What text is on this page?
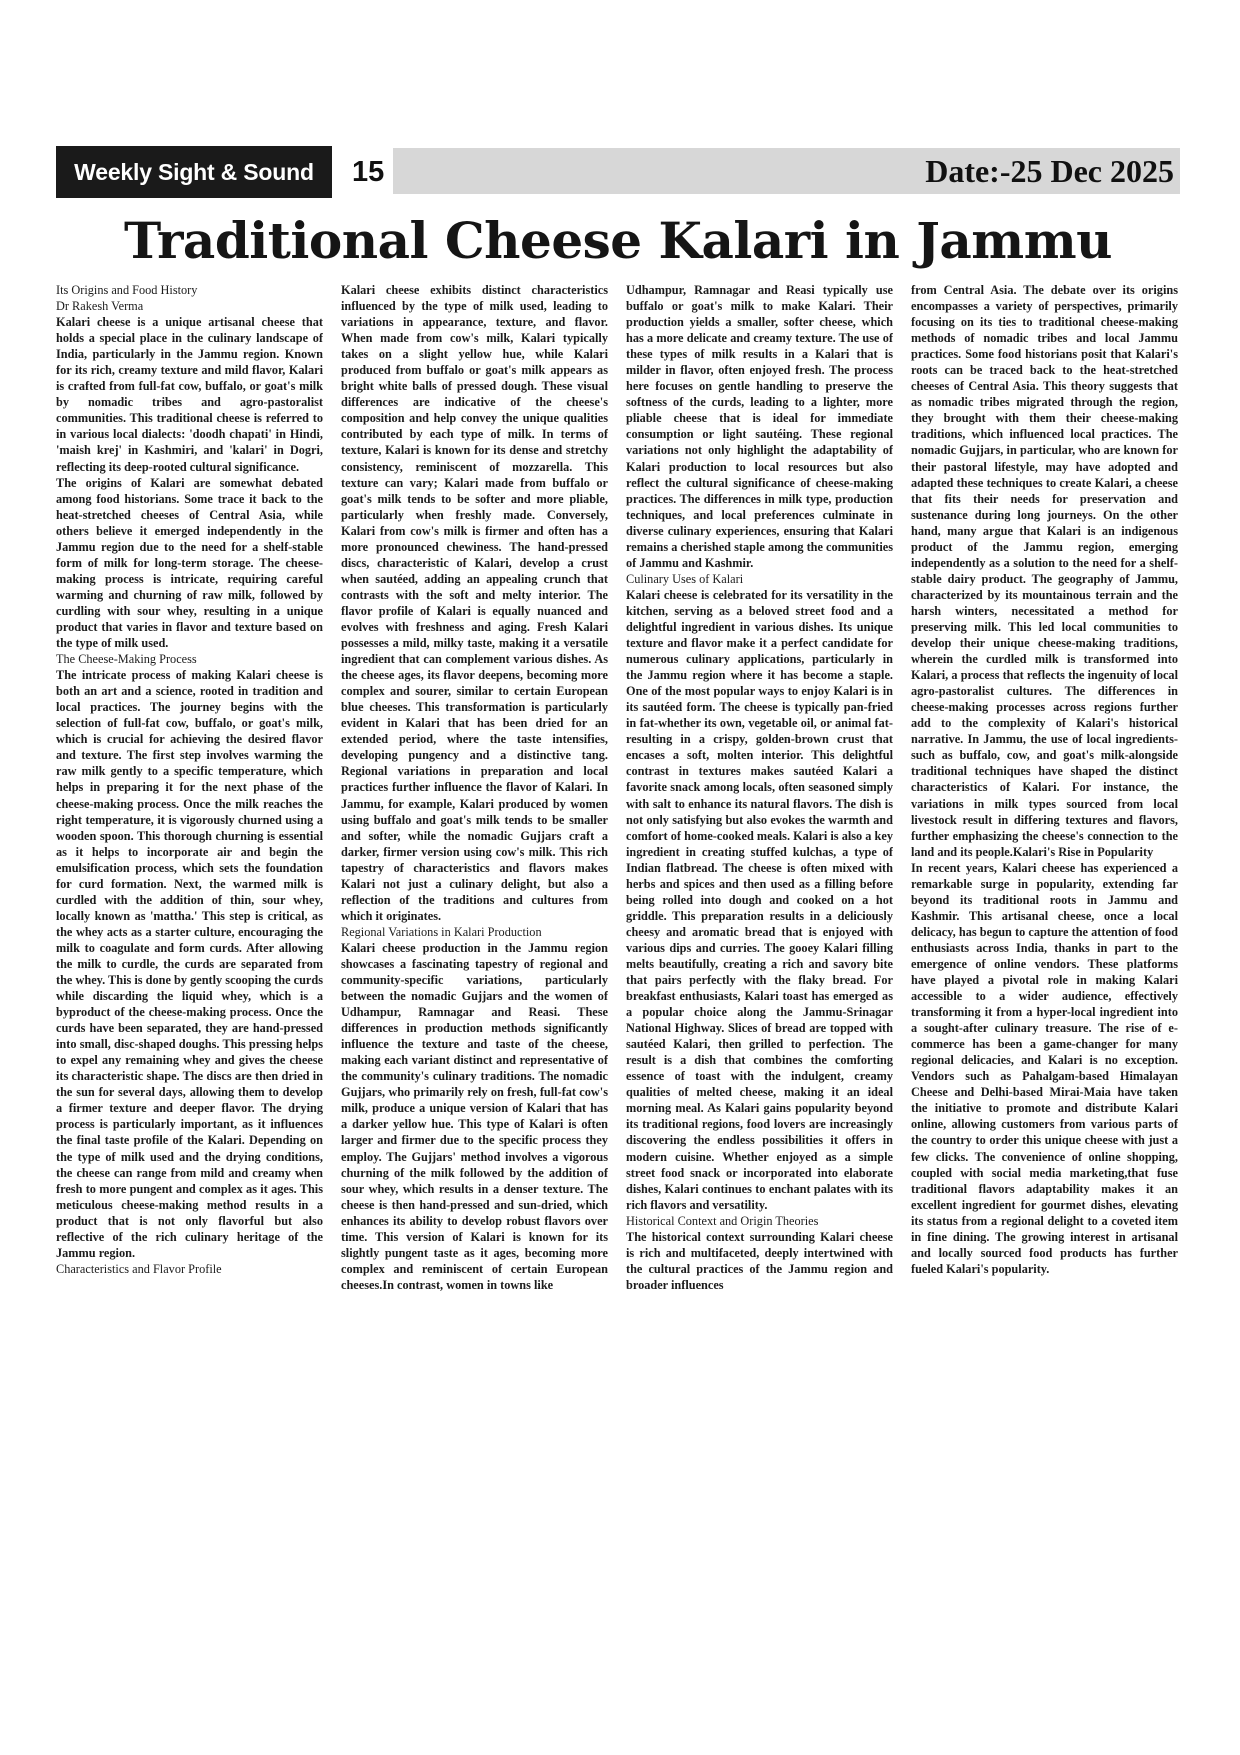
Weekly Sight & Sound	15	Date:-25 Dec 2025
Traditional Cheese Kalari in Jammu

Its Origins and Food History

Dr Rakesh Verma

Kalari cheese is a unique artisanal cheese that holds a special place in the culinary landscape of India, particularly in the Jammu region. Known for its rich, creamy texture and mild flavor, Kalari is crafted from full-fat cow, buffalo, or goat's milk by nomadic tribes and agro-pastoralist communities. This traditional cheese is referred to in various local dialects: 'doodh chapati' in Hindi, 'maish krej' in Kashmiri, and 'kalari' in Dogri, reflecting its deep-rooted cultural significance.

The origins of Kalari are somewhat debated among food historians. Some trace it back to the heat-stretched cheeses of Central Asia, while others believe it emerged independently in the Jammu region due to the need for a shelf-stable form of milk for long-term storage. The cheese-making process is intricate, requiring careful warming and churning of raw milk, followed by curdling with sour whey, resulting in a unique product that varies in flavor and texture based on the type of milk used.

The Cheese-Making Process

The intricate process of making Kalari cheese is both an art and a science, rooted in tradition and local practices. The journey begins with the selection of full-fat cow, buffalo, or goat's milk, which is crucial for achieving the desired flavor and texture. The first step involves warming the raw milk gently to a specific temperature, which helps in preparing it for the next phase of the cheese-making process. Once the milk reaches the right temperature, it is vigorously churned using a wooden spoon. This thorough churning is essential as it helps to incorporate air and begin the emulsification process, which sets the foundation for curd formation. Next, the warmed milk is curdled with the addition of thin, sour whey, locally known as 'mattha.' This step is critical, as the whey acts as a starter culture, encouraging the milk to coagulate and form curds. After allowing the milk to curdle, the curds are separated from the whey. This is done by gently scooping the curds while discarding the liquid whey, which is a byproduct of the cheese-making process. Once the curds have been separated, they are hand-pressed into small, disc-shaped doughs. This pressing helps to expel any remaining whey and gives the cheese its characteristic shape. The discs are then dried in the sun for several days, allowing them to develop a firmer texture and deeper flavor. The drying process is particularly important, as it influences the final taste profile of the Kalari. Depending on the type of milk used and the drying conditions, the cheese can range from mild and creamy when fresh to more pungent and complex as it ages. This meticulous cheese-making method results in a product that is not only flavorful but also reflective of the rich culinary heritage of the Jammu region.

Characteristics and Flavor Profile

Kalari cheese exhibits distinct characteristics influenced by the type of milk used, leading to variations in appearance, texture, and flavor. When made from cow's milk, Kalari typically takes on a slight yellow hue, while Kalari produced from buffalo or goat's milk appears as bright white balls of pressed dough. These visual differences are indicative of the cheese's composition and help convey the unique qualities contributed by each type of milk. In terms of texture, Kalari is known for its dense and stretchy consistency, reminiscent of mozzarella. This texture can vary; Kalari made from buffalo or goat's milk tends to be softer and more pliable, particularly when freshly made. Conversely, Kalari from cow's milk is firmer and often has a more pronounced chewiness. The hand-pressed discs, characteristic of Kalari, develop a crust when sautéed, adding an appealing crunch that contrasts with the soft and melty interior. The flavor profile of Kalari is equally nuanced and evolves with freshness and aging. Fresh Kalari possesses a mild, milky taste, making it a versatile ingredient that can complement various dishes. As the cheese ages, its flavor deepens, becoming more complex and sourer, similar to certain European blue cheeses. This transformation is particularly evident in Kalari that has been dried for an extended period, where the taste intensifies, developing pungency and a distinctive tang. Regional variations in preparation and local practices further influence the flavor of Kalari. In Jammu, for example, Kalari produced by women using buffalo and goat's milk tends to be smaller and softer, while the nomadic Gujjars craft a darker, firmer version using cow's milk. This rich tapestry of characteristics and flavors makes Kalari not just a culinary delight, but also a reflection of the traditions and cultures from which it originates.

Regional Variations in Kalari Production

Kalari cheese production in the Jammu region showcases a fascinating tapestry of regional and community-specific variations, particularly between the nomadic Gujjars and the women of Udhampur, Ramnagar and Reasi. These differences in production methods significantly influence the texture and taste of the cheese, making each variant distinct and representative of the community's culinary traditions. The nomadic Gujjars, who primarily rely on fresh, full-fat cow's milk, produce a unique version of Kalari that has a darker yellow hue. This type of Kalari is often larger and firmer due to the specific process they employ. The Gujjars' method involves a vigorous churning of the milk followed by the addition of sour whey, which results in a denser texture. The cheese is then hand-pressed and sun-dried, which enhances its ability to develop robust flavors over time. This version of Kalari is known for its slightly pungent taste as it ages, becoming more complex and reminiscent of certain European cheeses.In contrast, women in towns like

Udhampur, Ramnagar and Reasi typically use buffalo or goat's milk to make Kalari. Their production yields a smaller, softer cheese, which has a more delicate and creamy texture. The use of these types of milk results in a Kalari that is milder in flavor, often enjoyed fresh. The process here focuses on gentle handling to preserve the softness of the curds, leading to a lighter, more pliable cheese that is ideal for immediate consumption or light sautéing. These regional variations not only highlight the adaptability of Kalari production to local resources but also reflect the cultural significance of cheese-making practices. The differences in milk type, production techniques, and local preferences culminate in diverse culinary experiences, ensuring that Kalari remains a cherished staple among the communities of Jammu and Kashmir.

Culinary Uses of Kalari

Kalari cheese is celebrated for its versatility in the kitchen, serving as a beloved street food and a delightful ingredient in various dishes. Its unique texture and flavor make it a perfect candidate for numerous culinary applications, particularly in the Jammu region where it has become a staple. One of the most popular ways to enjoy Kalari is in its sautéed form. The cheese is typically pan-fried in fat-whether its own, vegetable oil, or animal fat-resulting in a crispy, golden-brown crust that encases a soft, molten interior. This delightful contrast in textures makes sautéed Kalari a favorite snack among locals, often seasoned simply with salt to enhance its natural flavors. The dish is not only satisfying but also evokes the warmth and comfort of home-cooked meals. Kalari is also a key ingredient in creating stuffed kulchas, a type of Indian flatbread. The cheese is often mixed with herbs and spices and then used as a filling before being rolled into dough and cooked on a hot griddle. This preparation results in a deliciously cheesy and aromatic bread that is enjoyed with various dips and curries. The gooey Kalari filling melts beautifully, creating a rich and savory bite that pairs perfectly with the flaky bread. For breakfast enthusiasts, Kalari toast has emerged as a popular choice along the Jammu-Srinagar National Highway. Slices of bread are topped with sautéed Kalari, then grilled to perfection. The result is a dish that combines the comforting essence of toast with the indulgent, creamy qualities of melted cheese, making it an ideal morning meal. As Kalari gains popularity beyond its traditional regions, food lovers are increasingly discovering the endless possibilities it offers in modern cuisine. Whether enjoyed as a simple street food snack or incorporated into elaborate dishes, Kalari continues to enchant palates with its rich flavors and versatility.

Historical Context and Origin Theories

The historical context surrounding Kalari cheese is rich and multifaceted, deeply intertwined with the cultural practices of the Jammu region and broader influences

from Central Asia. The debate over its origins encompasses a variety of perspectives, primarily focusing on its ties to traditional cheese-making methods of nomadic tribes and local Jammu practices. Some food historians posit that Kalari's roots can be traced back to the heat-stretched cheeses of Central Asia. This theory suggests that as nomadic tribes migrated through the region, they brought with them their cheese-making traditions, which influenced local practices. The nomadic Gujjars, in particular, who are known for their pastoral lifestyle, may have adopted and adapted these techniques to create Kalari, a cheese that fits their needs for preservation and sustenance during long journeys. On the other hand, many argue that Kalari is an indigenous product of the Jammu region, emerging independently as a solution to the need for a shelf-stable dairy product. The geography of Jammu, characterized by its mountainous terrain and the harsh winters, necessitated a method for preserving milk. This led local communities to develop their unique cheese-making traditions, wherein the curdled milk is transformed into Kalari, a process that reflects the ingenuity of local agro-pastoralist cultures. The differences in cheese-making processes across regions further add to the complexity of Kalari's historical narrative. In Jammu, the use of local ingredients-such as buffalo, cow, and goat's milk-alongside traditional techniques have shaped the distinct characteristics of Kalari. For instance, the variations in milk types sourced from local livestock result in differing textures and flavors, further emphasizing the cheese's connection to the land and its people.Kalari's Rise in Popularity

In recent years, Kalari cheese has experienced a remarkable surge in popularity, extending far beyond its traditional roots in Jammu and Kashmir. This artisanal cheese, once a local delicacy, has begun to capture the attention of food enthusiasts across India, thanks in part to the emergence of online vendors. These platforms have played a pivotal role in making Kalari accessible to a wider audience, effectively transforming it from a hyper-local ingredient into a sought-after culinary treasure. The rise of e-commerce has been a game-changer for many regional delicacies, and Kalari is no exception. Vendors such as Pahalgam-based Himalayan Cheese and Delhi-based Mirai-Maia have taken the initiative to promote and distribute Kalari online, allowing customers from various parts of the country to order this unique cheese with just a few clicks. The convenience of online shopping, coupled with social media marketing,that fuse traditional flavors adaptability makes it an excellent ingredient for gourmet dishes, elevating its status from a regional delight to a coveted item in fine dining. The growing interest in artisanal and locally sourced food products has further fueled Kalari's popularity.
